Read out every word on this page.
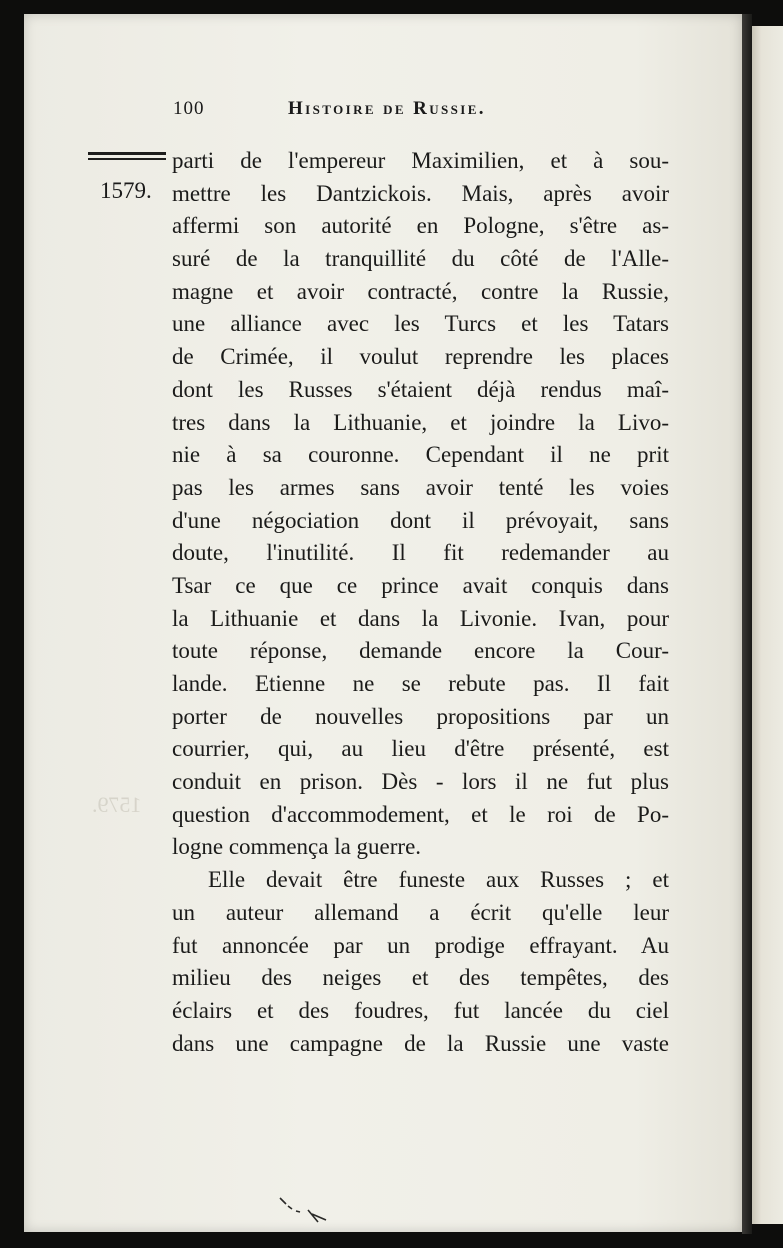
100	Histoire de Russie.
1579.
1579.
parti de l'empereur Maximilien, et à sou-
mettre les Dantzickois. Mais, après avoir
affermi son autorité en Pologne, s'être as-
suré de la tranquillité du côté de l'Alle-
magne et avoir contracté, contre la Russie,
une alliance avec les Turcs et les Tatars
de Crimée, il voulut reprendre les places
dont les Russes s'étaient déjà rendus maî-
tres dans la Lithuanie, et joindre la Livo-
nie à sa couronne. Cependant il ne prit
pas les armes sans avoir tenté les voies
d'une négociation dont il prévoyait, sans
doute, l'inutilité. Il fit redemander au
Tsar ce que ce prince avait conquis dans
la Lithuanie et dans la Livonie. Ivan, pour
toute réponse, demande encore la Cour-
lande. Etienne ne se rebute pas. Il fait
porter de nouvelles propositions par un
courrier, qui, au lieu d'être présenté, est
conduit en prison. Dès - lors il ne fut plus
question d'accommodement, et le roi de Po-
logne commença la guerre.
Elle devait être funeste aux Russes ; et
un auteur allemand a écrit qu'elle leur
fut annoncée par un prodige effrayant. Au
milieu des neiges et des tempêtes, des
éclairs et des foudres, fut lancée du ciel
dans une campagne de la Russie une vaste
